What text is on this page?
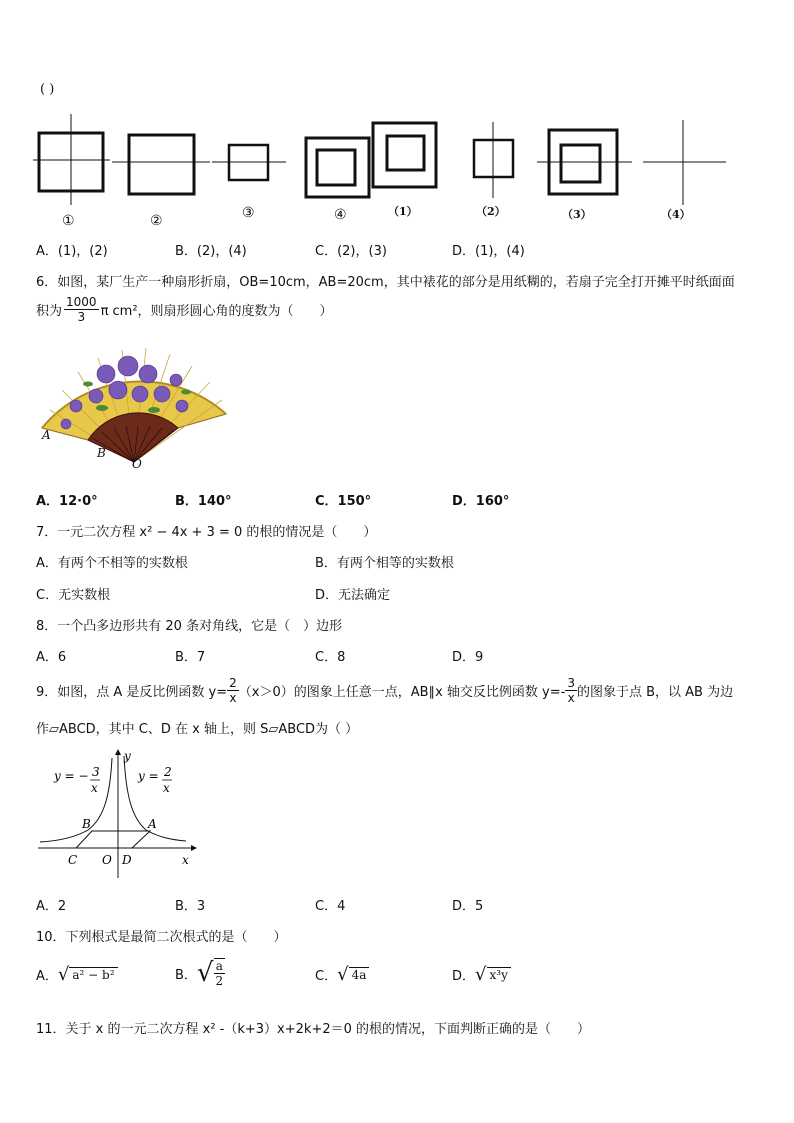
( )
①	②	③	④	（1）	（2）	（3）	（4）
A．(1)，(2)	B．(2)，(4)	C．(2)，(3)	D．(1)，(4)
6．如图，某厂生产一种扇形折扇，OB=10cm，AB=20cm，其中裱花的部分是用纸糊的，若扇子完全打开摊平时纸面面
积为 $\frac{1000}{3}$ π cm²，则扇形圆心角的度数为（　　）
A
B
O
A．12·0°	B．140°	C．150°	D．160°
7．一元二次方程 x² − 4x + 3 = 0 的根的情况是（　　）
A．有两个不相等的实数根	B．有两个相等的实数根
C．无实数根	D．无法确定
8．一个凸多边形共有 20 条对角线，它是（　）边形
A．6	B．7	C．8	D．9
9．如图，点 A 是反比例函数 $y= \frac{2}{x} (x>0)$的图象上任意一点，AB∥x 轴交反比例函数 $y=- \frac{3}{x}$ 的图象于点 B，以 AB 为边
作▱ABCD，其中 C、D 在 x 轴上，则 S▱ABCD为（ ）
y = − 3
x
y = 2
x
y
x
B	A
C O D
A．2	B．3	C．4	D．5
10．下列根式是最简二次根式的是（　　）
A． √ a² − b²	B． √ $\frac{a}{2}$	C． √ 4a	D． √ x³y
11．关于 x 的一元二次方程 x² -（k+3）x+2k+2＝0 的根的情况，下面判断正确的是（　　）
